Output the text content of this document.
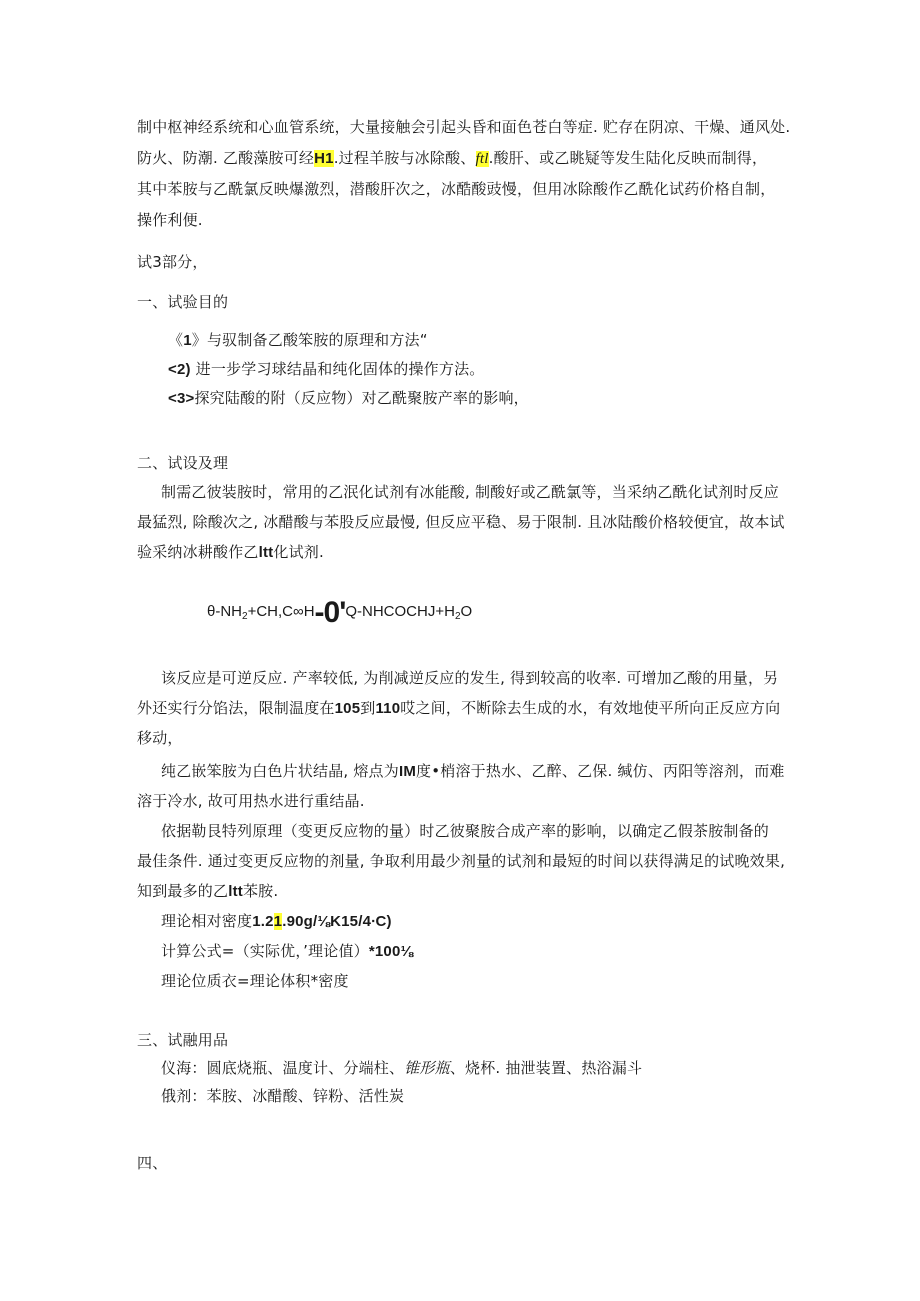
制中枢神经系统和心血管系统，大量接触会引起头昏和面色苍白等症. 贮存在阴凉、干燥、通风处.
防火、防潮. 乙酸藻胺可经H1.过程羊胺与冰除酸、ftl.酸肝、或乙眺疑等发生陆化反映而制得，
其中苯胺与乙酰氯反映爆激烈，潜酸肝次之，冰酷酸豉慢，但用冰除酸作乙酰化试药价格自制，
操作利便.
试3部分，
一、试验目的
《1》与驭制备乙酸笨胺的原理和方法“
<2) 进一步学习球结晶和纯化固体的操作方法。
<3>探究陆酸的附（反应物）对乙酰聚胺产率的影响，
二、试设及理
制需乙彼装胺时，常用的乙泯化试剂有冰能酸, 制酸好或乙酰氯等，当采纳乙酰化试剂时反应
最猛烈, 除酸次之, 冰醋酸与苯股反应最慢, 但反应平稳、易于限制. 且冰陆酸价格较便宜，故本试
验采纳冰耕酸作乙ltt化试剂.
$\theta-NH_2+CH,C\infty H-0'Q-NHCOCHJ+H_2O$
该反应是可逆反应. 产率较低, 为削减逆反应的发生, 得到较高的收率. 可增加乙酸的用量，另
外还实行分馅法，限制温度在105到110哎之间，不断除去生成的水，有效地使平所向正反应方向
移动，
纯乙嵌笨胺为白色片状结晶, 熔点为IM度•梢溶于热水、乙醉、乙保. 缄仿、丙阳等溶剂，而难
溶于冷水, 故可用热水进行重结晶.
依据勒艮特列原理（变更反应物的量）时乙彼聚胺合成产率的影响，以确定乙假茶胺制备的
最佳条件. 通过变更反应物的剂量, 争取利用最少剂量的试剂和最短的时间以获得满足的试晚效果,
知到最多的乙ltt苯胺.
理论相对密度1.21.90g/⅛K15/4∙C)
计算公式=（实际优，’理论值）*100⅛
理论位质衣=理论体积*密度
三、试融用品
仪海：圆底烧瓶、温度计、分端柱、锥形瓶、烧杯. 抽泄装置、热浴漏斗
俄剂：苯胺、冰醋酸、锌粉、活性炭
四、
